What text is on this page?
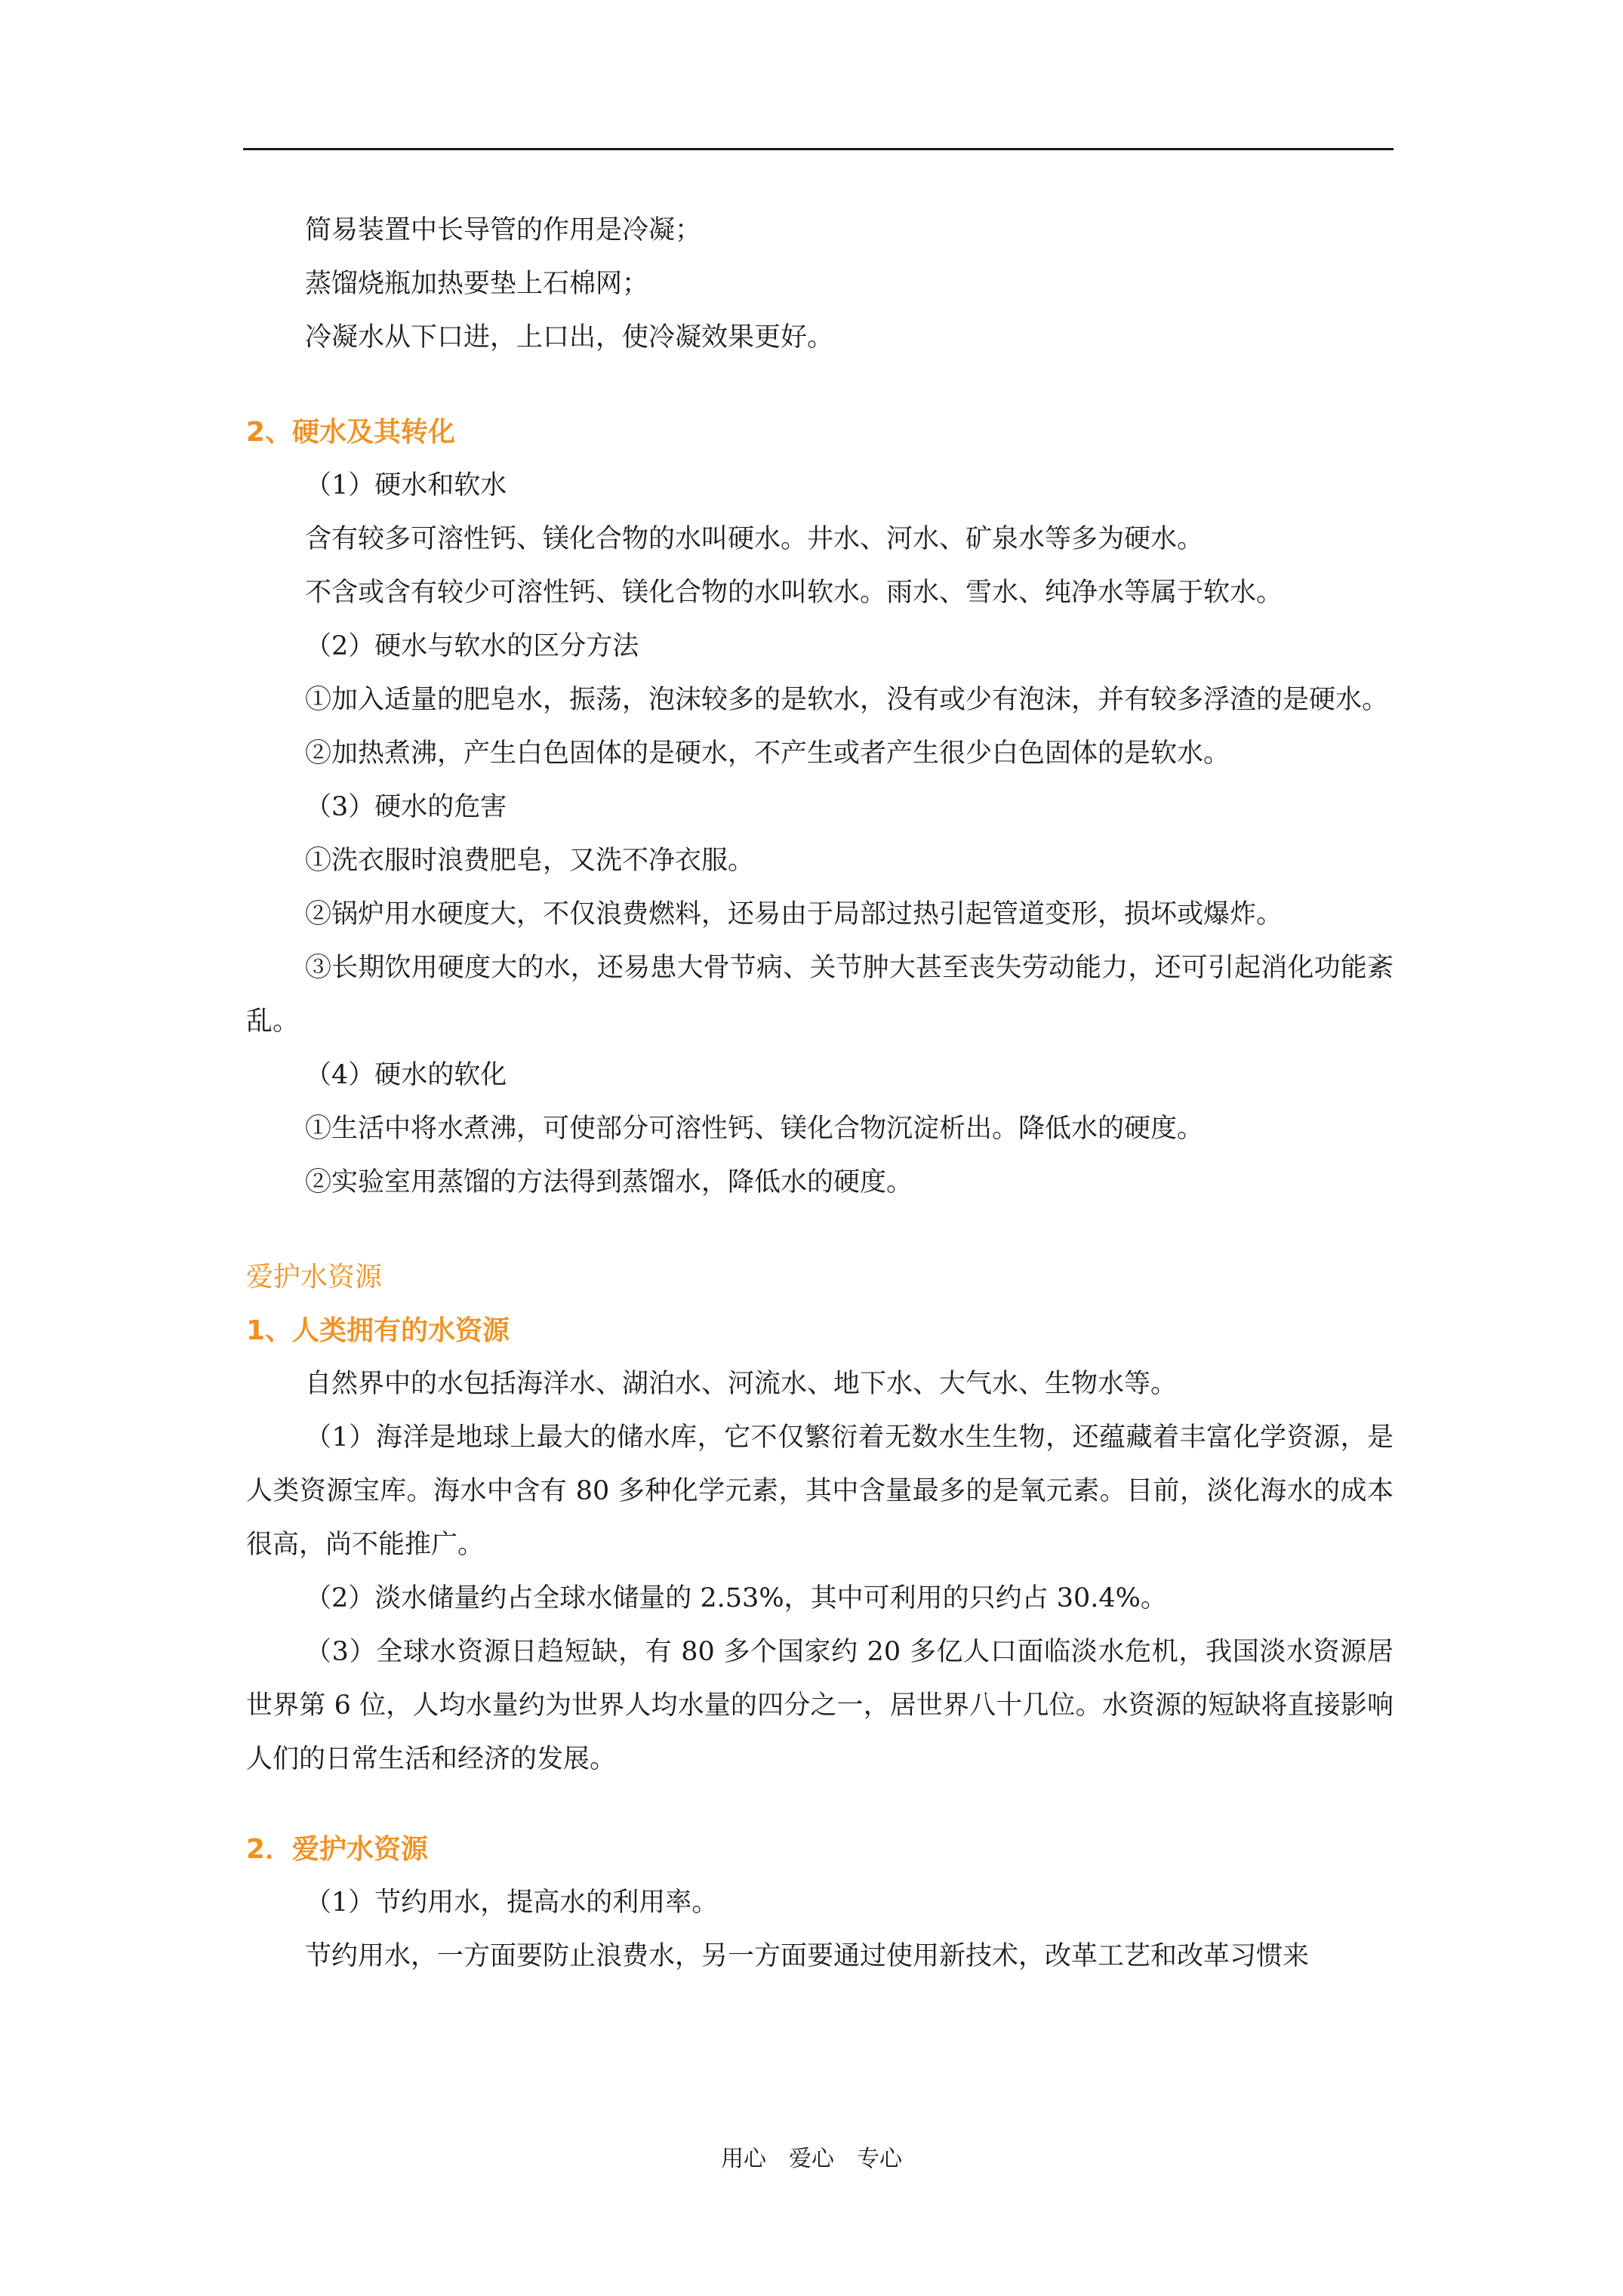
简易装置中长导管的作用是冷凝；

蒸馏烧瓶加热要垫上石棉网；

冷凝水从下口进，上口出，使冷凝效果更好。

2、硬水及其转化

（1）硬水和软水

含有较多可溶性钙、镁化合物的水叫硬水。井水、河水、矿泉水等多为硬水。

不含或含有较少可溶性钙、镁化合物的水叫软水。雨水、雪水、纯净水等属于软水。

（2）硬水与软水的区分方法

①加入适量的肥皂水，振荡，泡沫较多的是软水，没有或少有泡沫，并有较多浮渣的是硬水。

②加热煮沸，产生白色固体的是硬水，不产生或者产生很少白色固体的是软水。

（3）硬水的危害

①洗衣服时浪费肥皂，又洗不净衣服。

②锅炉用水硬度大，不仅浪费燃料，还易由于局部过热引起管道变形，损坏或爆炸。

③长期饮用硬度大的水，还易患大骨节病、关节肿大甚至丧失劳动能力，还可引起消化功能紊乱。

（4）硬水的软化

①生活中将水煮沸，可使部分可溶性钙、镁化合物沉淀析出。降低水的硬度。

②实验室用蒸馏的方法得到蒸馏水，降低水的硬度。

爱护水资源

1、人类拥有的水资源

自然界中的水包括海洋水、湖泊水、河流水、地下水、大气水、生物水等。

（1）海洋是地球上最大的储水库，它不仅繁衍着无数水生生物，还蕴藏着丰富化学资源，是人类资源宝库。海水中含有 80 多种化学元素，其中含量最多的是氧元素。目前，淡化海水的成本很高，尚不能推广。

（2）淡水储量约占全球水储量的 2.53%，其中可利用的只约占 30.4%。

（3）全球水资源日趋短缺，有 80 多个国家约 20 多亿人口面临淡水危机，我国淡水资源居世界第 6 位，人均水量约为世界人均水量的四分之一，居世界八十几位。水资源的短缺将直接影响人们的日常生活和经济的发展。

2．爱护水资源

（1）节约用水，提高水的利用率。

节约用水，一方面要防止浪费水，另一方面要通过使用新技术，改革工艺和改革习惯来

用心　爱心　专心
